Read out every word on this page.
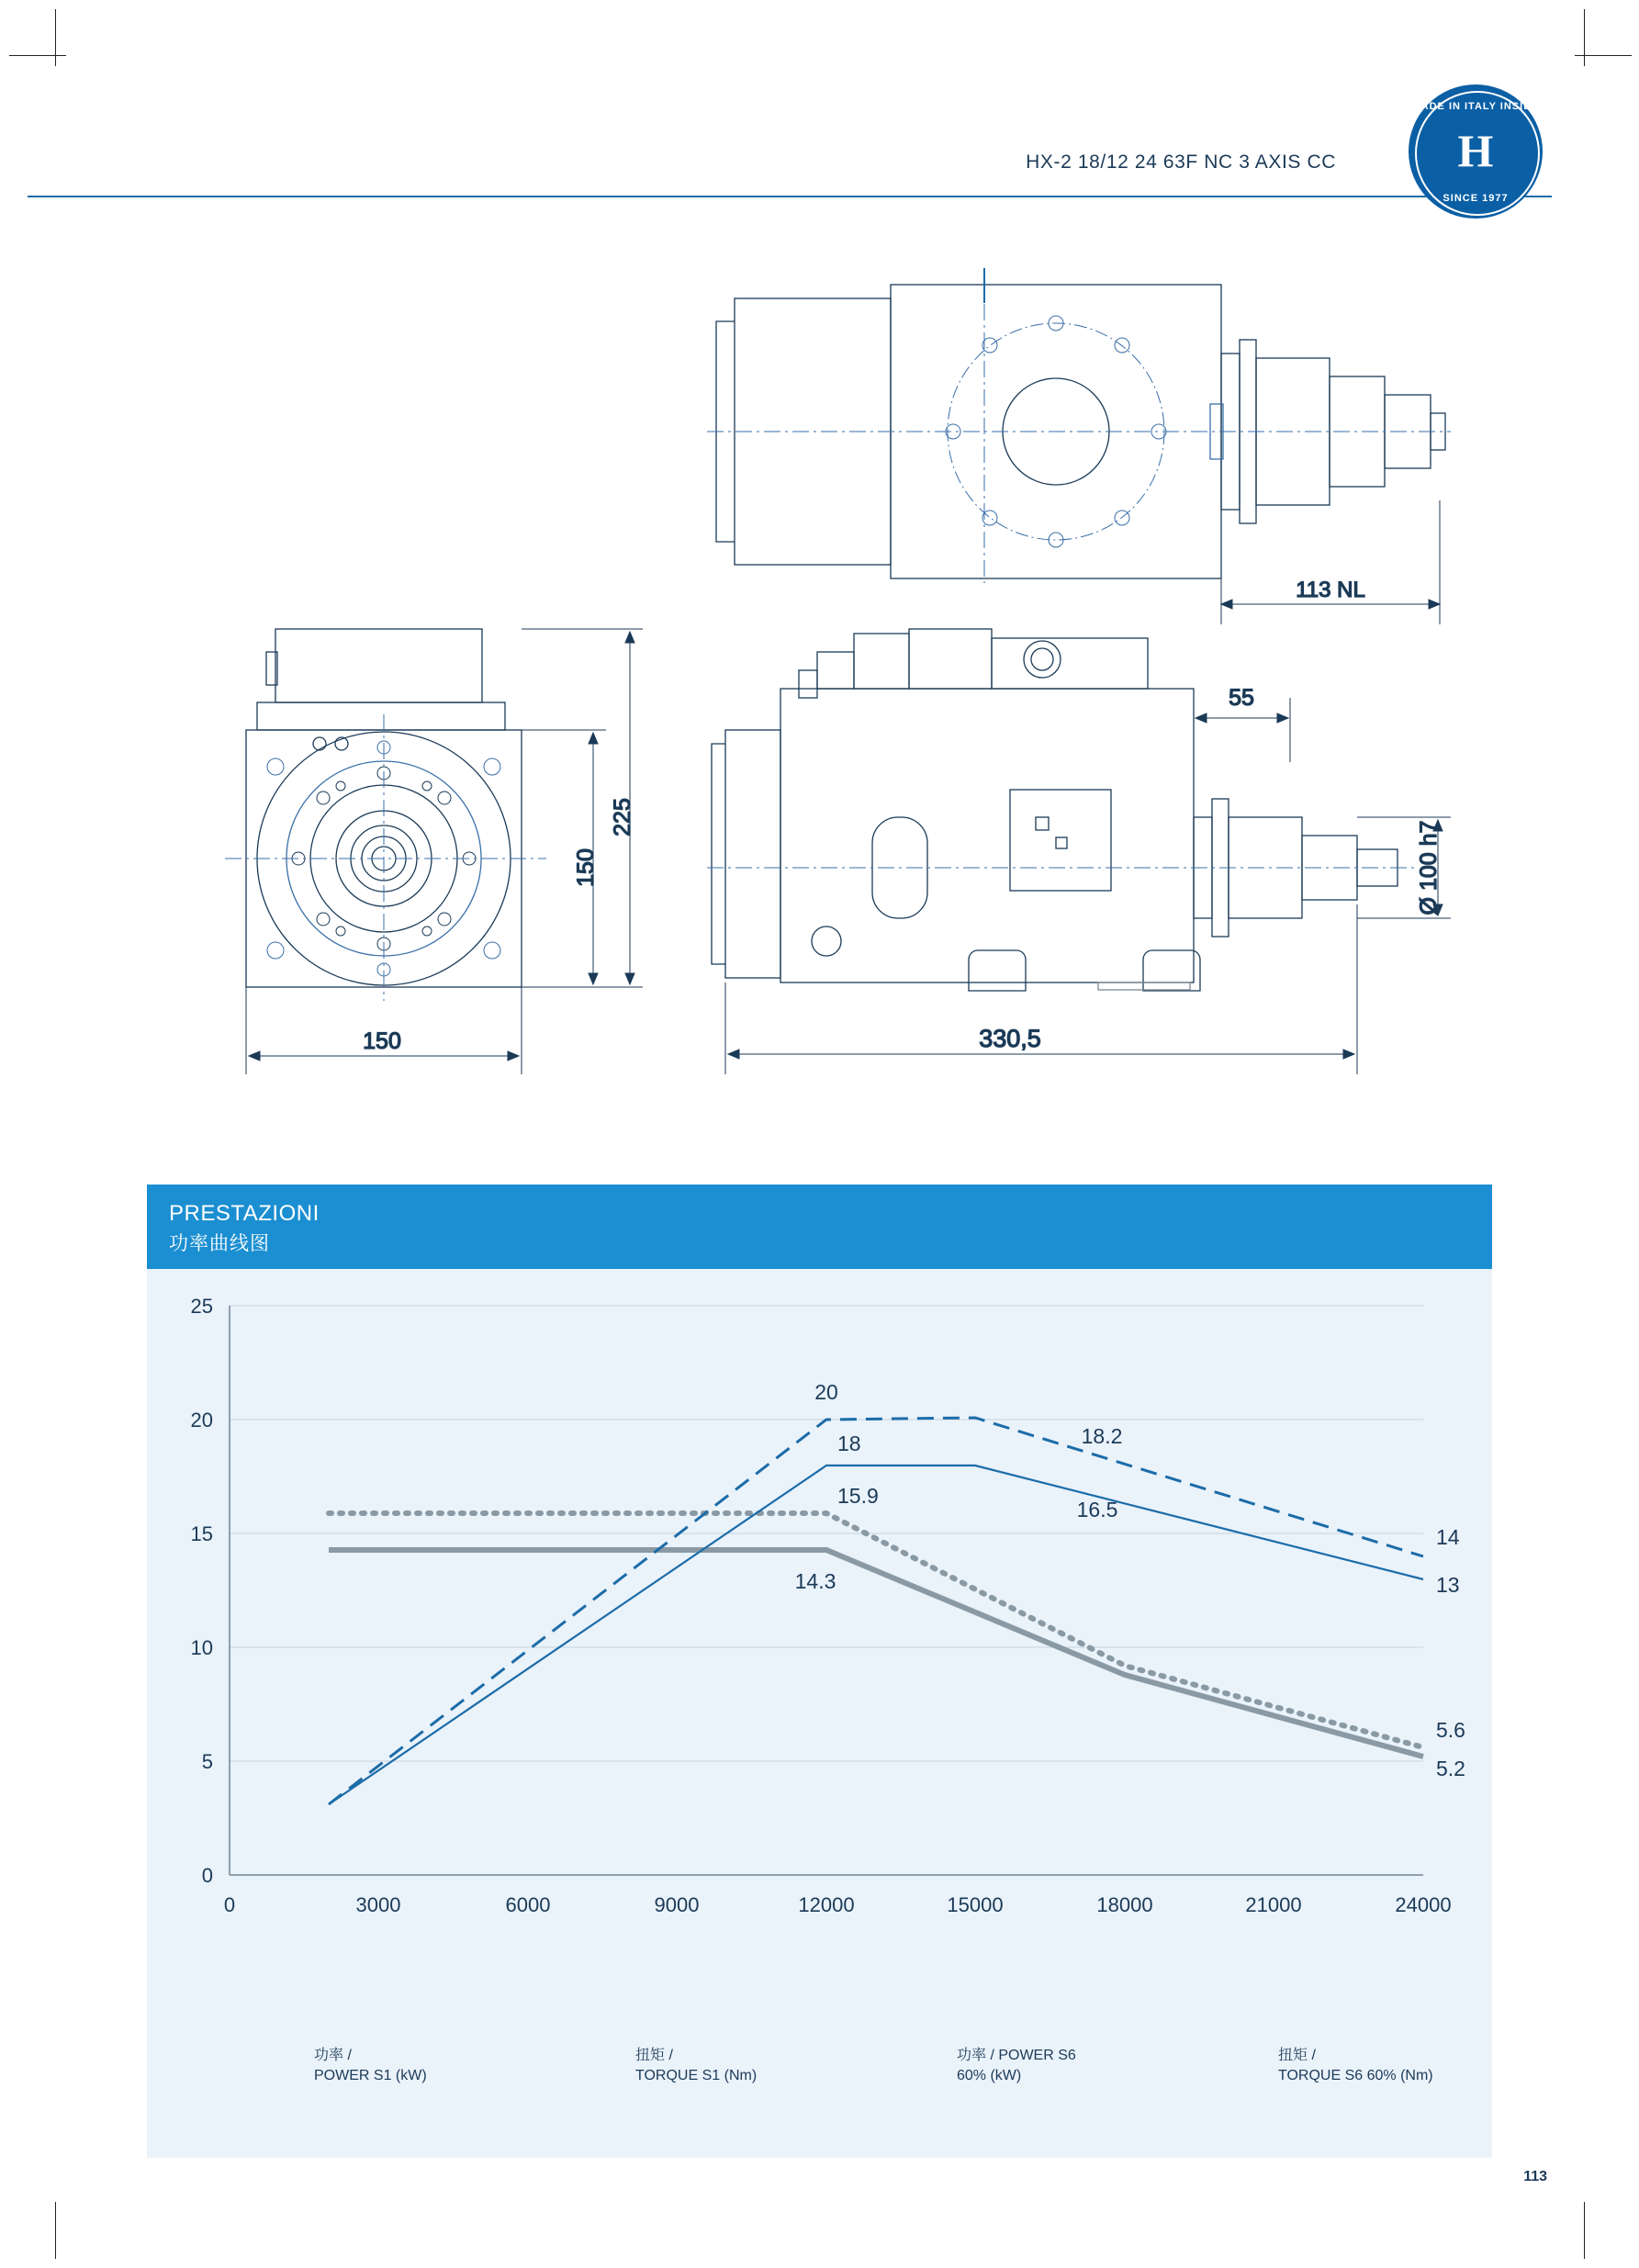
HX-2 18/12 24 63F NC 3 AXIS CC
MADE IN ITALY INSIDE
H
SINCE 1977
113 NL
225
150
150
55
Ø 100 h7
330,5
PRESTAZIONI
功率曲线图
25
20
15
10
5
0
0	3000	6000	9000	12000	15000	18000	21000	24000
20
18
15.9
14.3
18.2
16.5
14
13
5.6
5.2
功率 /
POWER S1 (kW)
扭矩 /
TORQUE S1 (Nm)
功率 / POWER S6
60% (kW)
扭矩 /
TORQUE S6 60% (Nm)
113
